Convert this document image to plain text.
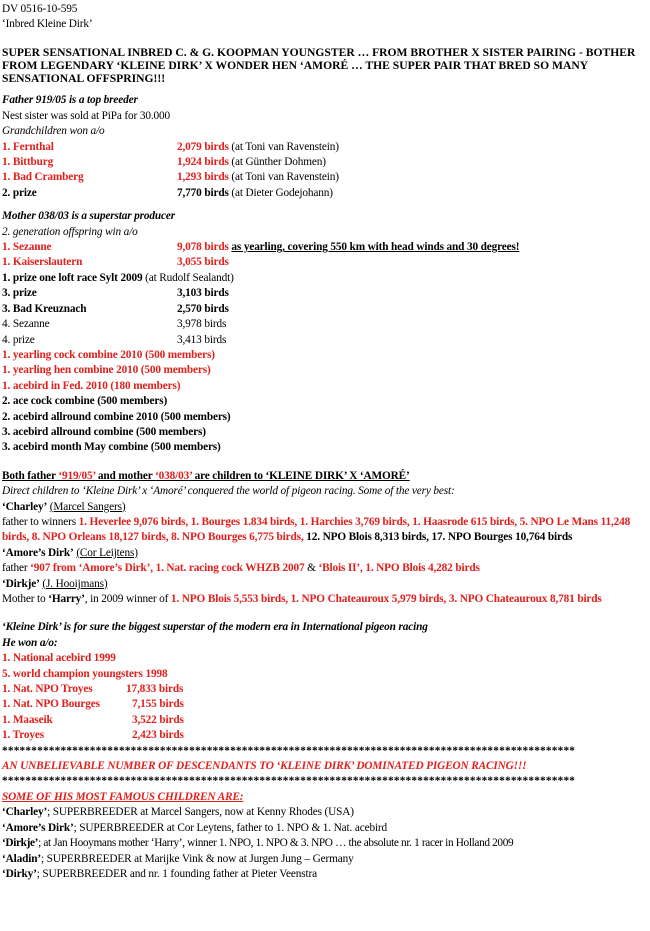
DV 0516-10-595
‘Inbred Kleine Dirk’
SUPER SENSATIONAL INBRED C. & G. KOOPMAN YOUNGSTER … FROM BROTHER X SISTER PAIRING - BOTHER FROM LEGENDARY ‘KLEINE DIRK’ X WONDER HEN ‘AMORÉ … THE SUPER PAIR THAT BRED SO MANY SENSATIONAL OFFSPRING!!!
Father 919/05 is a top breeder
Nest sister was sold at PiPa for 30.000
Grandchildren won a/o
1. Fernthal	2,079 birds (at Toni van Ravenstein)
1. Bittburg	1,924 birds (at Günther Dohmen)
1. Bad Cramberg	1,293 birds (at Toni van Ravenstein)
2. prize	7,770 birds (at Dieter Godejohann)
Mother 038/03 is a superstar producer
2. generation offspring win a/o
1. Sezanne	9,078 birds as yearling, covering 550 km with head winds and 30 degrees!
1. Kaiserslautern	3,055 birds
1. prize one loft race Sylt 2009 (at Rudolf Sealandt)
3. prize	3,103 birds
3. Bad Kreuznach	2,570 birds
4. Sezanne	3,978 birds
4. prize	3,413 birds
1. yearling cock combine 2010 (500 members)
1. yearling hen combine 2010 (500 members)
1. acebird in Fed. 2010 (180 members)
2. ace cock combine (500 members)
2. acebird allround combine 2010 (500 members)
3. acebird allround combine (500 members)
3. acebird month May combine (500 members)
Both father ‘919/05’ and mother ‘038/03’ are children to ‘KLEINE DIRK’ X ‘AMORÉ’
Direct children to ‘Kleine Dirk’ x ‘Amoré’ conquered the world of pigeon racing. Some of the very best:
‘Charley’ (Marcel Sangers)
father to winners 1. Heverlee 9,076 birds, 1. Bourges 1.834 birds, 1. Harchies 3,769 birds, 1. Haasrode 615 birds, 5. NPO Le Mans 11,248 birds, 8. NPO Orleans 18,127 birds, 8. NPO Bourges 6,775 birds, 12. NPO Blois 8,313 birds, 17. NPO Bourges 10,764 birds
‘Amore’s Dirk’ (Cor Leijtens)
father ‘907 from ‘Amore’s Dirk’, 1. Nat. racing cock WHZB 2007 & ‘Blois II’, 1. NPO Blois 4,282 birds
‘Dirkje’ (J. Hooijmans)
Mother to ‘Harry’, in 2009 winner of 1. NPO Blois 5,553 birds, 1. NPO Chateauroux 5,979 birds, 3. NPO Chateauroux 8,781 birds
‘Kleine Dirk’ is for sure the biggest superstar of the modern era in International pigeon racing
He won a/o:
1. National acebird 1999
5. world champion youngsters 1998
1. Nat. NPO Troyes	17,833 birds
1. Nat. NPO Bourges	7,155 birds
1. Maaseik	3,522 birds
1. Troyes	2,423 birds
**************************************************************************************************
AN UNBELIEVABLE NUMBER OF DESCENDANTS TO ‘KLEINE DIRK’ DOMINATED PIGEON RACING!!!
**************************************************************************************************
SOME OF HIS MOST FAMOUS CHILDREN ARE:
‘Charley’; SUPERBREEDER at Marcel Sangers, now at Kenny Rhodes (USA)
‘Amore’s Dirk’; SUPERBREEDER at Cor Leytens, father to 1. NPO & 1. Nat. acebird
‘Dirkje’; at Jan Hooymans mother ‘Harry’, winner 1. NPO, 1. NPO & 3. NPO … the absolute nr. 1 racer in Holland 2009
‘Aladin’; SUPERBREEDER at Marijke Vink & now at Jurgen Jung – Germany
‘Dirky’; SUPERBREEDER and nr. 1 founding father at Pieter Veenstra
